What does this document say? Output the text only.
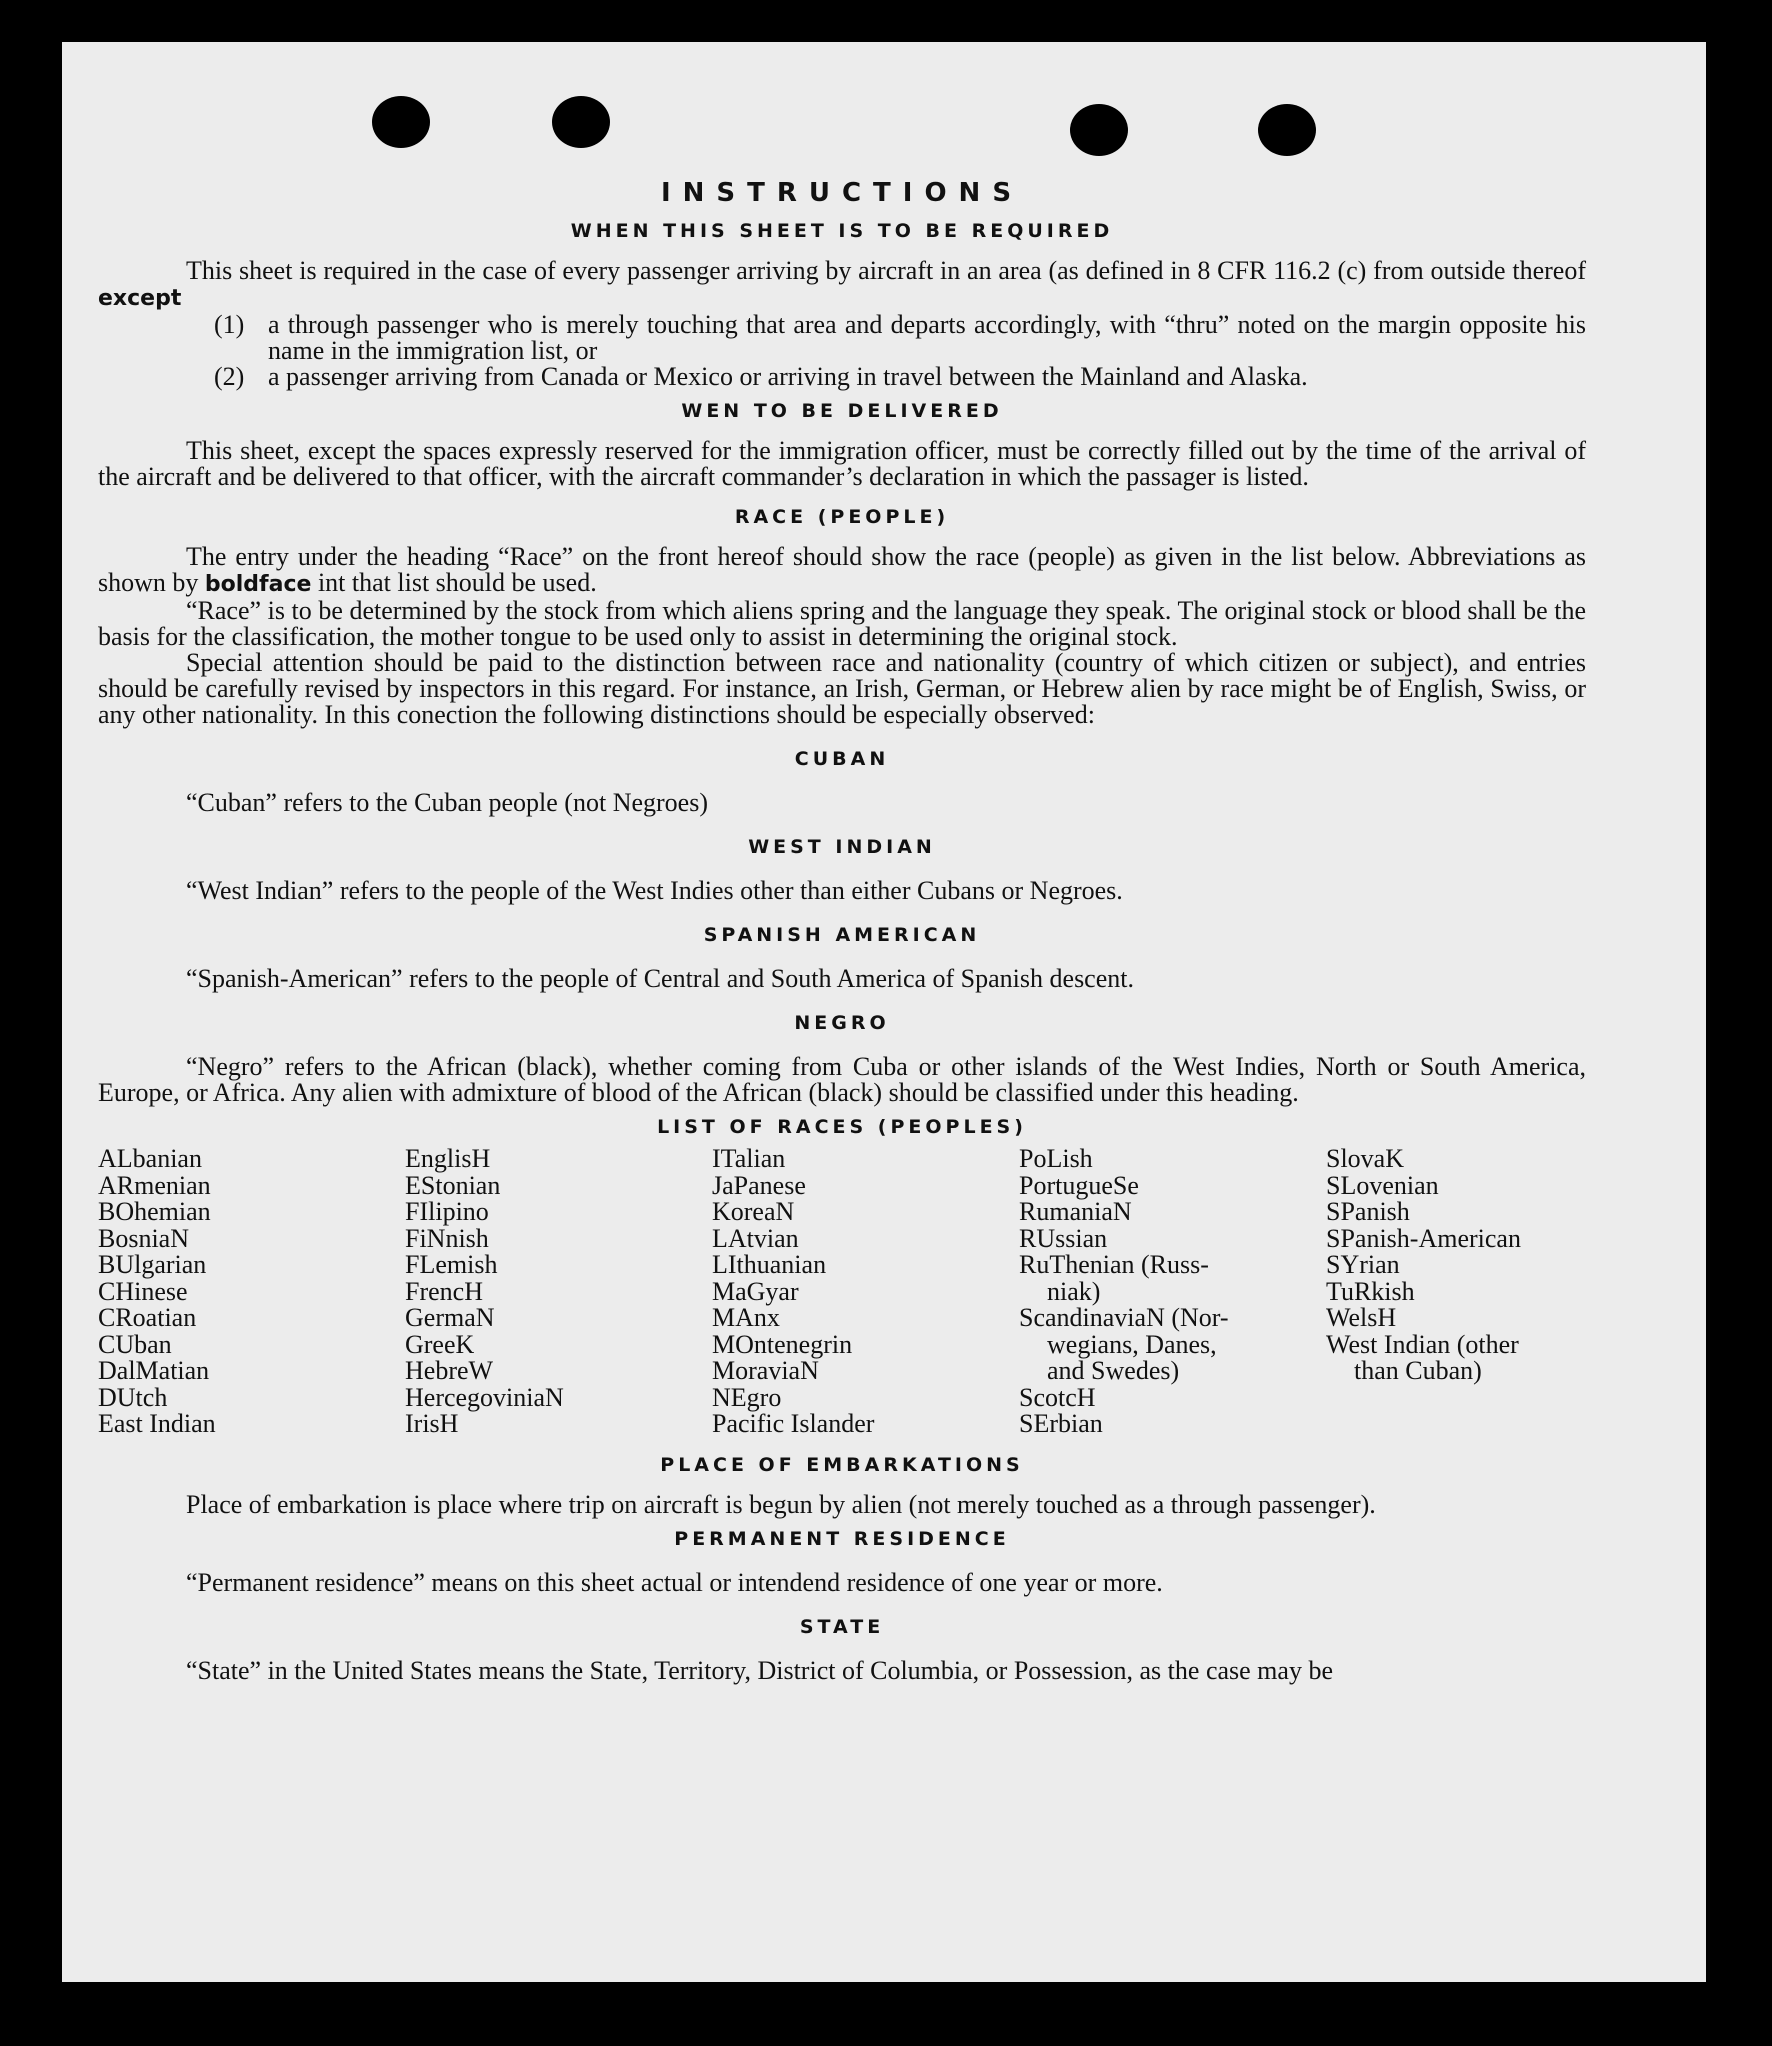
INSTRUCTIONS
WHEN THIS SHEET IS TO BE REQUIRED

This sheet is required in the case of every passenger arriving by aircraft in an area (as defined in 8 CFR 116.2 (c) from outside thereof except

(1) a through passenger who is merely touching that area and departs accordingly, with “thru” noted on the margin opposite his name in the immigration list, or
(2) a passenger arriving from Canada or Mexico or arriving in travel between the Mainland and Alaska.
WEN TO BE DELIVERED

This sheet, except the spaces expressly reserved for the immigration officer, must be correctly filled out by the time of the arrival of the aircraft and be delivered to that officer, with the aircraft commander’s declaration in which the passager is listed.

RACE (PEOPLE)

The entry under the heading “Race” on the front hereof should show the race (people) as given in the list below. Abbreviations as shown by boldface int that list should be used.

“Race” is to be determined by the stock from which aliens spring and the language they speak. The original stock or blood shall be the basis for the classification, the mother tongue to be used only to assist in determining the original stock.

Special attention should be paid to the distinction between race and nationality (country of which citizen or subject), and entries should be carefully revised by inspectors in this regard. For instance, an Irish, German, or Hebrew alien by race might be of English, Swiss, or any other nationality. In this conection the following distinctions should be especially observed:

CUBAN

“Cuban” refers to the Cuban people (not Negroes)

WEST INDIAN

“West Indian” refers to the people of the West Indies other than either Cubans or Negroes.

SPANISH AMERICAN

“Spanish-American” refers to the people of Central and South America of Spanish descent.

NEGRO

“Negro” refers to the African (black), whether coming from Cuba or other islands of the West Indies, North or South America, Europe, or Africa. Any alien with admixture of blood of the African (black) should be classified under this heading.

LIST OF RACES (PEOPLES)
ALbanian
ARmenian
BOhemian
BosniaN
BUlgarian
CHinese
CRoatian
CUban
DalMatian
DUtch
East Indian
EnglisH
EStonian
FIlipino
FiNnish
FLemish
FrencH
GermaN
GreeK
HebreW
HercegoviniaN
IrisH
ITalian
JaPanese
KoreaN
LAtvian
LIthuanian
MaGyar
MAnx
MOntenegrin
MoraviaN
NEgro
Pacific Islander
PoLish
PortugueSe
RumaniaN
RUssian
RuThenian (Russ-
niak)
ScandinaviaN (Nor-
wegians, Danes,
and Swedes)
ScotcH
SErbian
SlovaK
SLovenian
SPanish
SPanish-American
SYrian
TuRkish
WelsH
West Indian (other
than Cuban)
PLACE OF EMBARKATIONS

Place of embarkation is place where trip on aircraft is begun by alien (not merely touched as a through passenger).

PERMANENT RESIDENCE

“Permanent residence” means on this sheet actual or intendend residence of one year or more.

STATE

“State” in the United States means the State, Territory, District of Columbia, or Possession, as the case may be
